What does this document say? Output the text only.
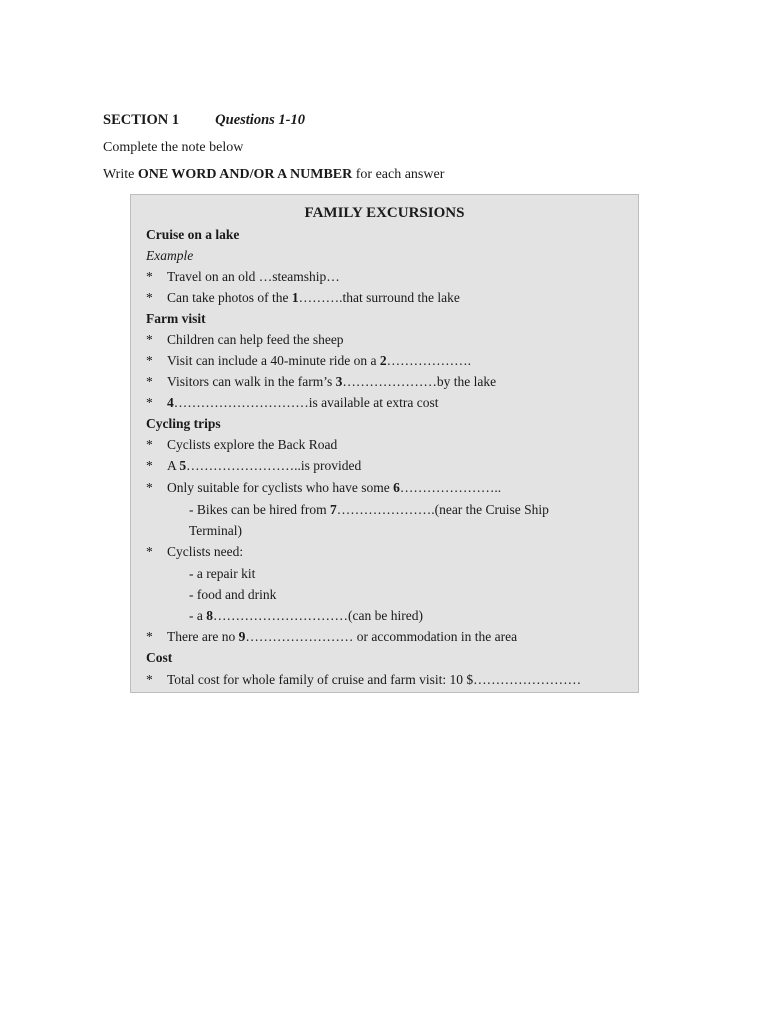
SECTION 1 Questions 1-10
Complete the note below
Write ONE WORD AND/OR A NUMBER for each answer
FAMILY EXCURSIONS
Cruise on a lake
Example
* Travel on an old …steamship…
* Can take photos of the 1……….that surround the lake
Farm visit
* Children can help feed the sheep
* Visit can include a 40-minute ride on a 2……………….
* Visitors can walk in the farm’s 3…………………by the lake
* 4…………………………is available at extra cost
Cycling trips
* Cyclists explore the Back Road
* A 5……………………..is provided
* Only suitable for cyclists who have some 6…………………..
- Bikes can be hired from 7………………….(near the Cruise Ship
Terminal)
* Cyclists need:
- a repair kit
- food and drink
- a 8…………………………(can be hired)
* There are no 9…………………… or accommodation in the area
Cost
* Total cost for whole family of cruise and farm visit: 10 $……………………
